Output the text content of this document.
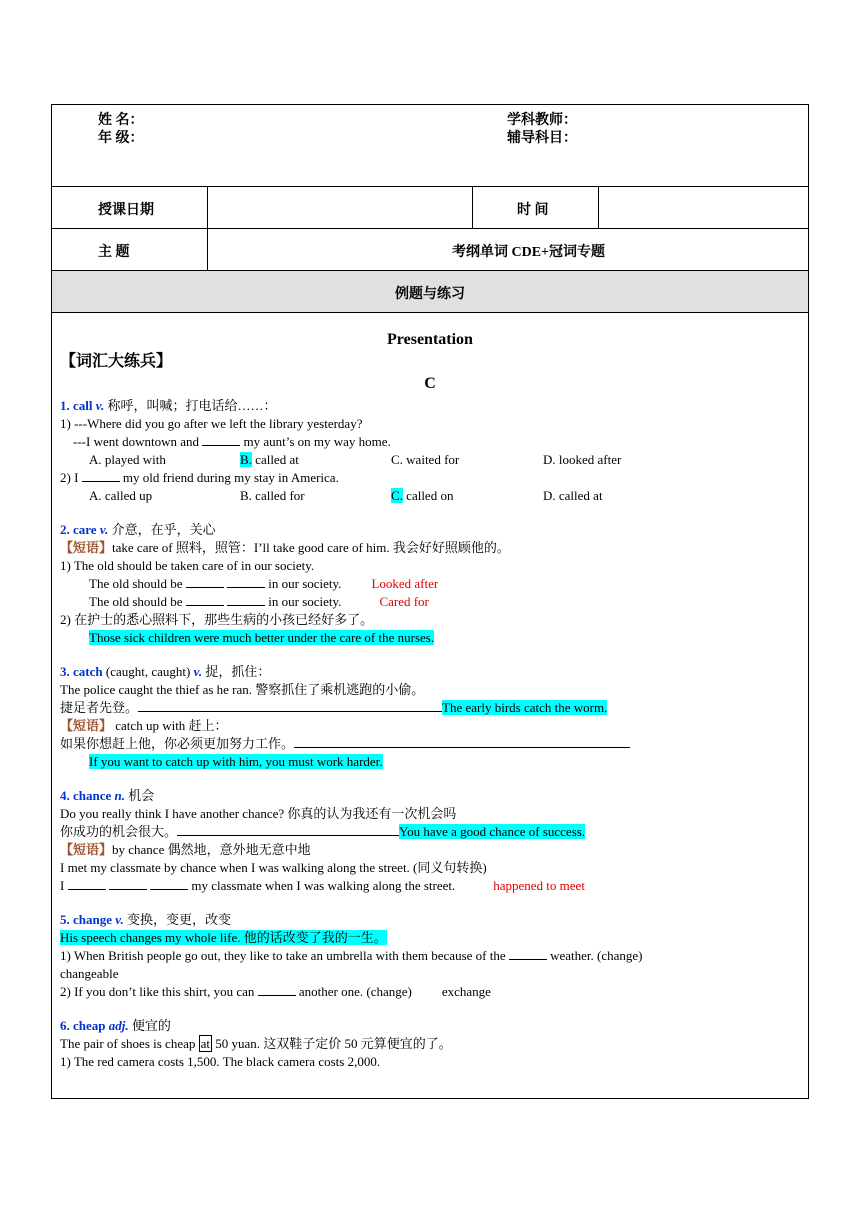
姓 名：
年 级：
学科教师：
辅导科目：
授课日期	时 间
主 题	考纲单词 CDE+冠词专题
例题与练习
Presentation
【词汇大练兵】
C
1. call v. 称呼，叫喊；打电话给……：
1) ---Where did you go after we left the library yesterday?
---I went downtown and	my aunt’s on my way home.
A. played with	B. called at	C. waited for	D. looked after
2) I	my old friend during my stay in America.
A. called up	B. called for	C. called on	D. called at
2. care v. 介意，在乎，关心
【短语】take care of 照料，照管：I’ll take good care of him. 我会好好照顾他的。
1) The old should be taken care of in our society.
The old should be	in our society. Looked after
The old should be	in our society.	Cared for
2) 在护士的悉心照料下，那些生病的小孩已经好多了。
Those sick children were much better under the care of the nurses.
3. catch (caught, caught) v. 捉，抓住：
The police caught the thief as he ran. 警察抓住了乘机逃跑的小偷。
捷足者先登。	The early birds catch the worm.
【短语】 catch up with 赶上：
如果你想赶上他，你必须更加努力工作。
If you want to catch up with him, you must work harder.
4. chance n. 机会
Do you really think I have another chance? 你真的认为我还有一次机会吗
你成功的机会很大。	You have a good chance of success.
【短语】by chance 偶然地，意外地无意中地
I met my classmate by chance when I was walking along the street. (同义句转换)
I	my classmate when I was walking along the street.	happened to meet
5. change v. 变换，变更，改变
His speech changes my whole life. 他的话改变了我的一生。
1) When British people go out, they like to take an umbrella with them because of the	weather. (change)
changeable
2) If you don’t like this shirt, you can	another one. (change) exchange
6. cheap adj. 便宜的
The pair of shoes is cheap at 50 yuan. 这双鞋子定价 50 元算便宜的了。
1) The red camera costs 1,500. The black camera costs 2,000.
